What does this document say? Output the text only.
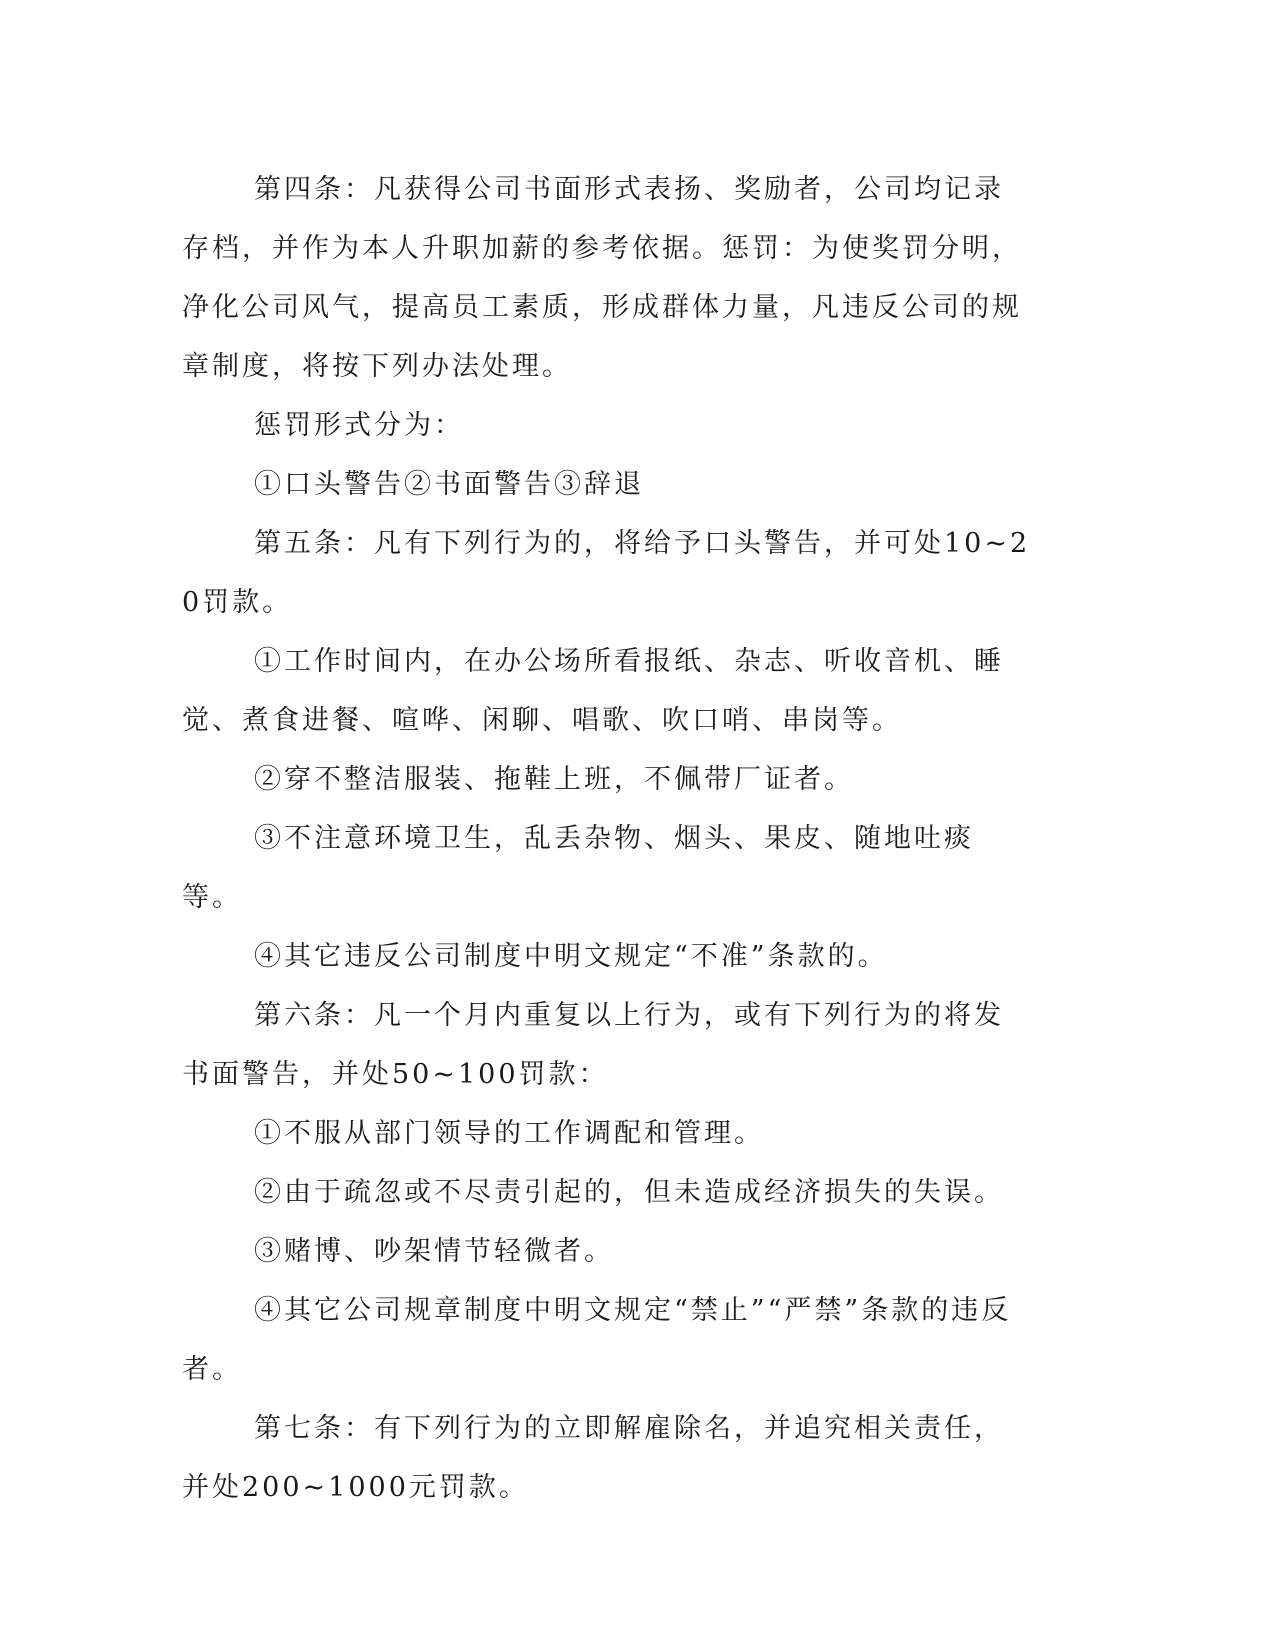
第四条：凡获得公司书面形式表扬、奖励者，公司均记录存档，并作为本人升职加薪的参考依据。惩罚：为使奖罚分明，净化公司风气，提高员工素质，形成群体力量，凡违反公司的规章制度，将按下列办法处理。

惩罚形式分为：

①口头警告②书面警告③辞退

第五条：凡有下列行为的，将给予口头警告，并可处10~20罚款。

①工作时间内，在办公场所看报纸、杂志、听收音机、睡觉、煮食进餐、喧哗、闲聊、唱歌、吹口哨、串岗等。

②穿不整洁服装、拖鞋上班，不佩带厂证者。

③不注意环境卫生，乱丢杂物、烟头、果皮、随地吐痰等。

④其它违反公司制度中明文规定“不准”条款的。

第六条：凡一个月内重复以上行为，或有下列行为的将发书面警告，并处50~100罚款：

①不服从部门领导的工作调配和管理。

②由于疏忽或不尽责引起的，但未造成经济损失的失误。

③赌博、吵架情节轻微者。

④其它公司规章制度中明文规定“禁止”“严禁”条款的违反者。

第七条：有下列行为的立即解雇除名，并追究相关责任，并处200~1000元罚款。
